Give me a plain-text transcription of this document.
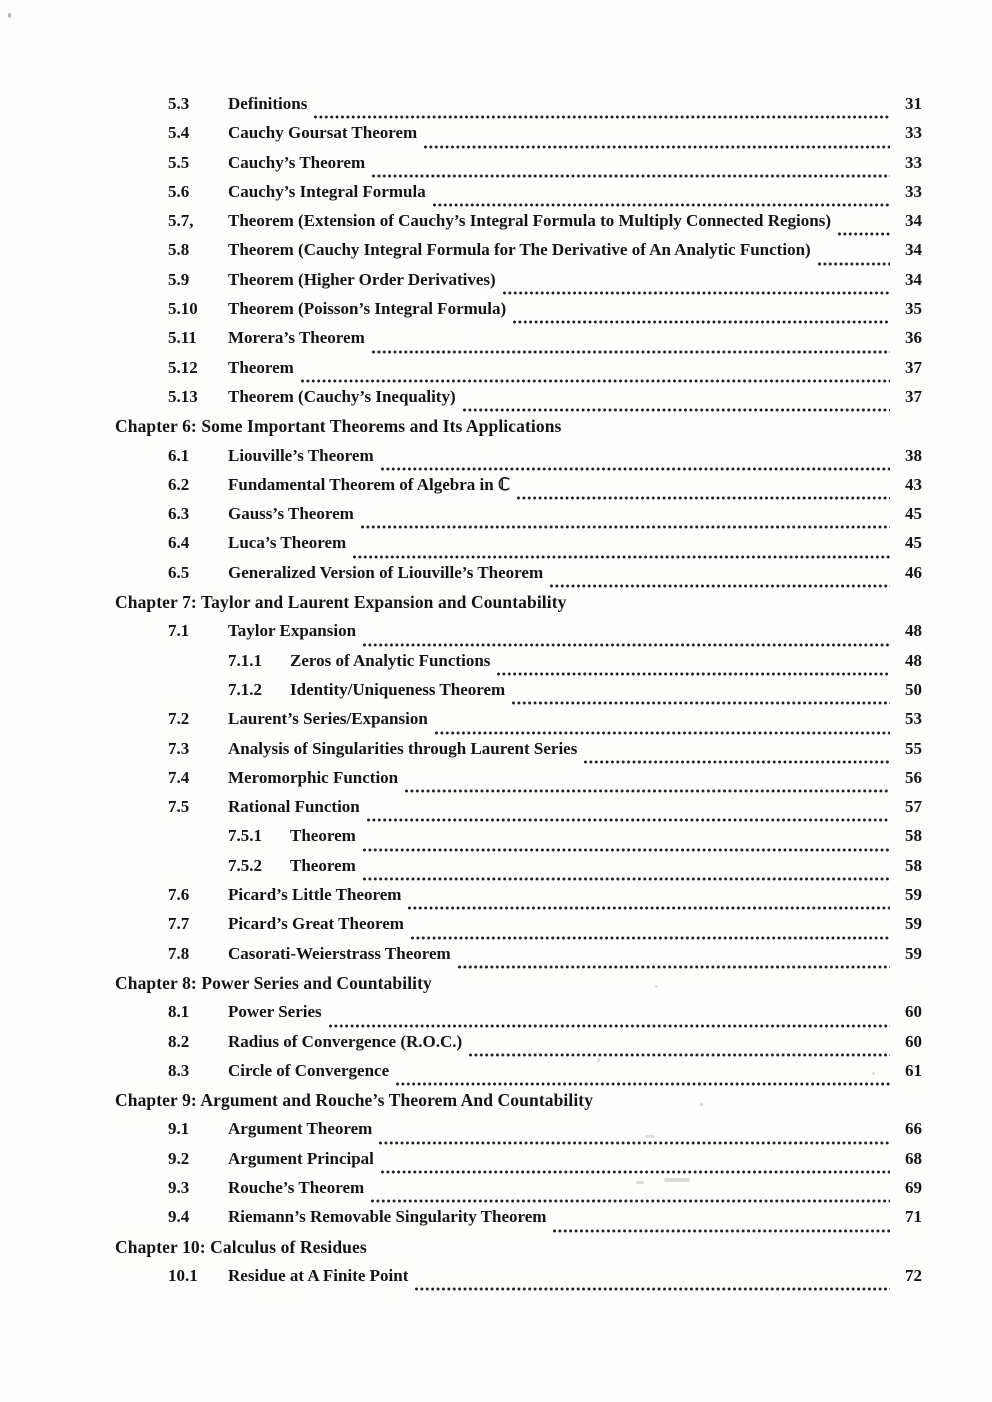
5.3	Definitions	31
5.4	Cauchy Goursat Theorem	33
5.5	Cauchy’s Theorem	33
5.6	Cauchy’s Integral Formula	33
5.7,	Theorem (Extension of Cauchy’s Integral Formula to Multiply Connected Regions)	34
5.8	Theorem (Cauchy Integral Formula for The Derivative of An Analytic Function)	34
5.9	Theorem (Higher Order Derivatives)	34
5.10	Theorem (Poisson’s Integral Formula)	35
5.11	Morera’s Theorem	36
5.12	Theorem	37
5.13	Theorem (Cauchy’s Inequality)	37
Chapter 6: Some Important Theorems and Its Applications
6.1	Liouville’s Theorem	38
6.2	Fundamental Theorem of Algebra in ℂ	43
6.3	Gauss’s Theorem	45
6.4	Luca’s Theorem	45
6.5	Generalized Version of Liouville’s Theorem	46
Chapter 7: Taylor and Laurent Expansion and Countability
7.1	Taylor Expansion	48
7.1.1	Zeros of Analytic Functions	48
7.1.2	Identity/Uniqueness Theorem	50
7.2	Laurent’s Series/Expansion	53
7.3	Analysis of Singularities through Laurent Series	55
7.4	Meromorphic Function	56
7.5	Rational Function	57
7.5.1	Theorem	58
7.5.2	Theorem	58
7.6	Picard’s Little Theorem	59
7.7	Picard’s Great Theorem	59
7.8	Casorati-Weierstrass Theorem	59
Chapter 8: Power Series and Countability
8.1	Power Series	60
8.2	Radius of Convergence (R.O.C.)	60
8.3	Circle of Convergence	61
Chapter 9: Argument and Rouche’s Theorem And Countability
9.1	Argument Theorem	66
9.2	Argument Principal	68
9.3	Rouche’s Theorem	69
9.4	Riemann’s Removable Singularity Theorem	71
Chapter 10: Calculus of Residues
10.1	Residue at A Finite Point	72
